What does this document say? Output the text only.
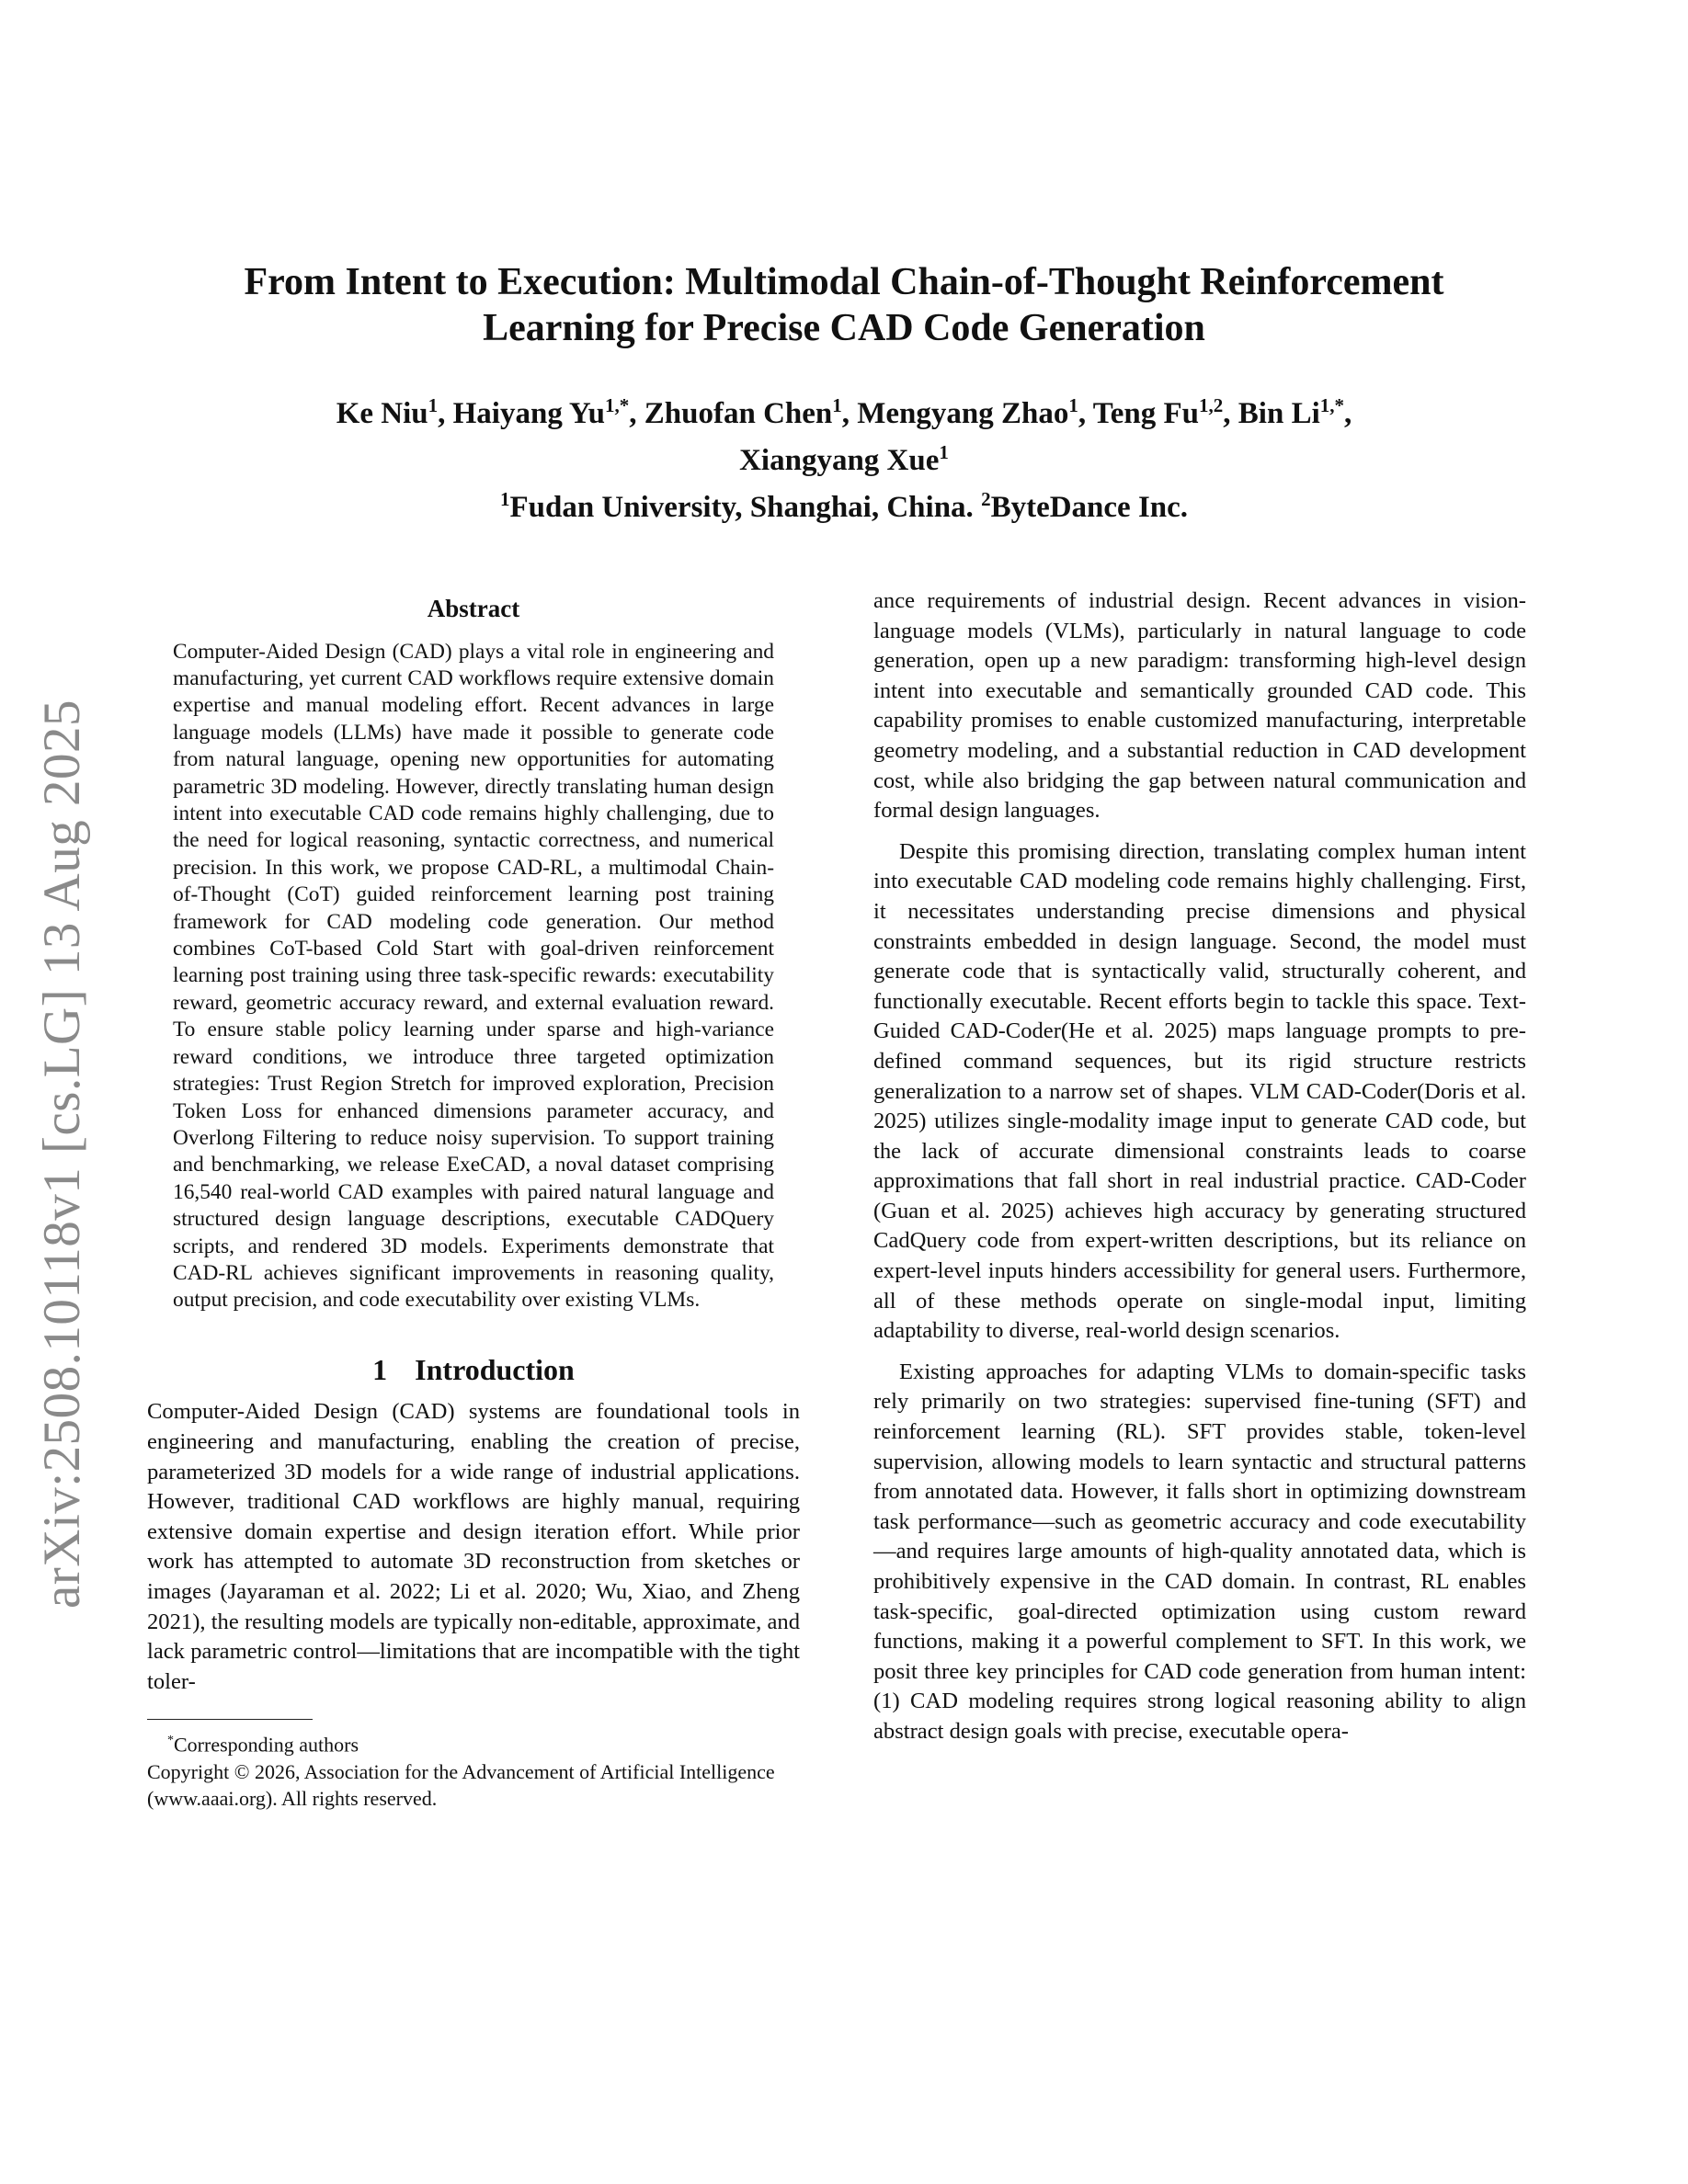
arXiv:2508.10118v1 [cs.LG] 13 Aug 2025
From Intent to Execution: Multimodal Chain-of-Thought Reinforcement
Learning for Precise CAD Code Generation
Ke Niu$^1$, Haiyang $Yu^{1,*}$, Zhuofan Chen$^1$, Mengyang Zhao$^1$, Teng Fu$^{1,2}$, Bin $Li^{1,*}$,
Xiangyang Xue$^1$
$^1$Fudan University, Shanghai, China. $^2$ByteDance Inc.
Abstract
Computer-Aided Design (CAD) plays a vital role in engineering and manufacturing, yet current CAD workflows require extensive domain expertise and manual modeling effort. Recent advances in large language models (LLMs) have made it possible to generate code from natural language, opening new opportunities for automating parametric 3D modeling. However, directly translating human design intent into executable CAD code remains highly challenging, due to the need for logical reasoning, syntactic correctness, and numerical precision. In this work, we propose CAD-RL, a multimodal Chain-of-Thought (CoT) guided reinforcement learning post training framework for CAD modeling code generation. Our method combines CoT-based Cold Start with goal-driven reinforcement learning post training using three task-specific rewards: executability reward, geometric accuracy reward, and external evaluation reward. To ensure stable policy learning under sparse and high-variance reward conditions, we introduce three targeted optimization strategies: Trust Region Stretch for improved exploration, Precision Token Loss for enhanced dimensions parameter accuracy, and Overlong Filtering to reduce noisy supervision. To support training and benchmarking, we release ExeCAD, a noval dataset comprising 16,540 real-world CAD examples with paired natural language and structured design language descriptions, executable CADQuery scripts, and rendered 3D models. Experiments demonstrate that CAD-RL achieves significant improvements in reasoning quality, output precision, and code executability over existing VLMs.
1 Introduction

Computer-Aided Design (CAD) systems are foundational tools in engineering and manufacturing, enabling the creation of precise, parameterized 3D models for a wide range of industrial applications. However, traditional CAD workflows are highly manual, requiring extensive domain expertise and design iteration effort. While prior work has attempted to automate 3D reconstruction from sketches or images (Jayaraman et al. 2022; Li et al. 2020; Wu, Xiao, and Zheng 2021), the resulting models are typically non-editable, approximate, and lack parametric control—limitations that are incompatible with the tight toler-

*Corresponding authors
Copyright © 2026, Association for the Advancement of Artificial Intelligence (www.aaai.org). All rights reserved.

ance requirements of industrial design. Recent advances in vision-language models (VLMs), particularly in natural language to code generation, open up a new paradigm: transforming high-level design intent into executable and semantically grounded CAD code. This capability promises to enable customized manufacturing, interpretable geometry modeling, and a substantial reduction in CAD development cost, while also bridging the gap between natural communication and formal design languages.

Despite this promising direction, translating complex human intent into executable CAD modeling code remains highly challenging. First, it necessitates understanding precise dimensions and physical constraints embedded in design language. Second, the model must generate code that is syntactically valid, structurally coherent, and functionally executable. Recent efforts begin to tackle this space. Text-Guided CAD-Coder(He et al. 2025) maps language prompts to pre-defined command sequences, but its rigid structure restricts generalization to a narrow set of shapes. VLM CAD-Coder(Doris et al. 2025) utilizes single-modality image input to generate CAD code, but the lack of accurate dimensional constraints leads to coarse approximations that fall short in real industrial practice. CAD-Coder (Guan et al. 2025) achieves high accuracy by generating structured CadQuery code from expert-written descriptions, but its reliance on expert-level inputs hinders accessibility for general users. Furthermore, all of these methods operate on single-modal input, limiting adaptability to diverse, real-world design scenarios.

Existing approaches for adapting VLMs to domain-specific tasks rely primarily on two strategies: supervised fine-tuning (SFT) and reinforcement learning (RL). SFT provides stable, token-level supervision, allowing models to learn syntactic and structural patterns from annotated data. However, it falls short in optimizing downstream task performance—such as geometric accuracy and code executability—and requires large amounts of high-quality annotated data, which is prohibitively expensive in the CAD domain. In contrast, RL enables task-specific, goal-directed optimization using custom reward functions, making it a powerful complement to SFT. In this work, we posit three key principles for CAD code generation from human intent: (1) CAD modeling requires strong logical reasoning ability to align abstract design goals with precise, executable opera-
